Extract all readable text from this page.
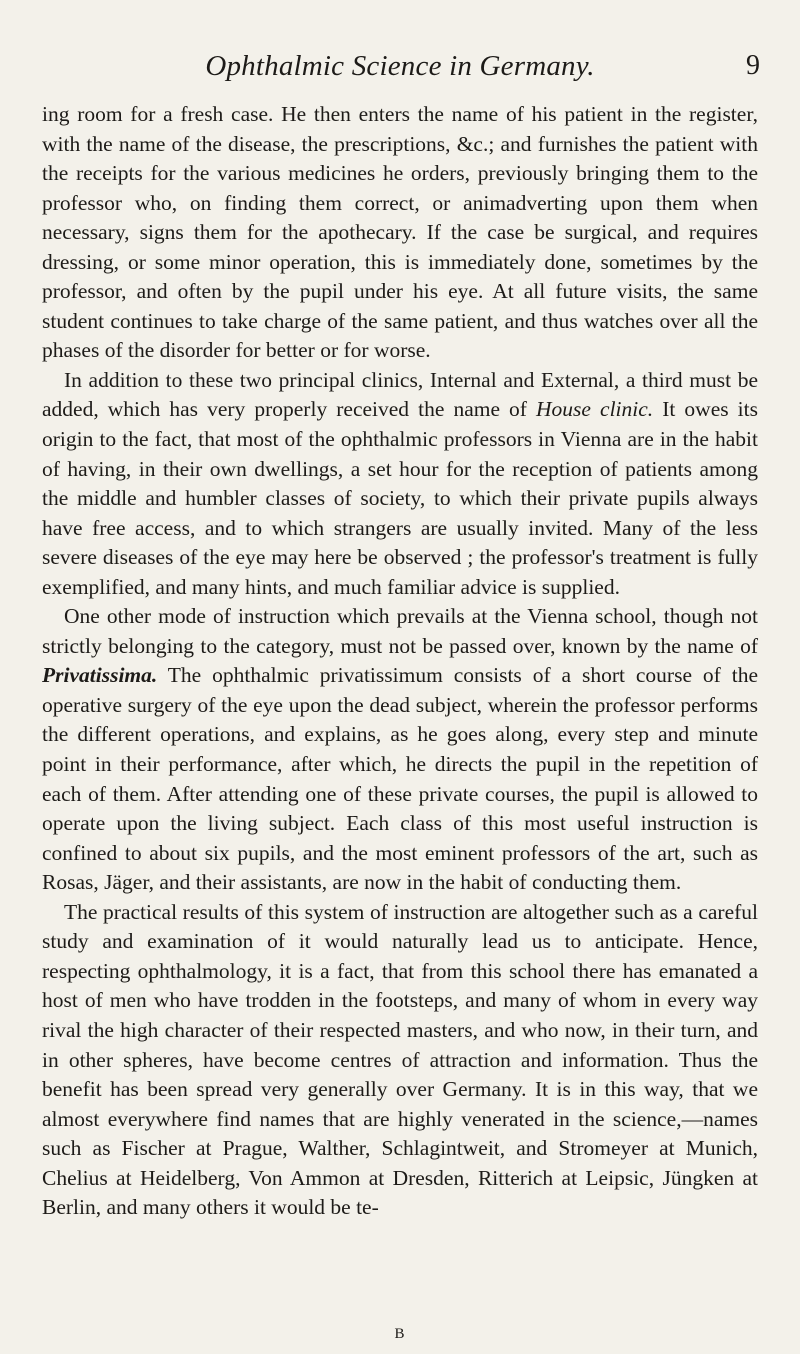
Ophthalmic Science in Germany.	9

ing room for a fresh case. He then enters the name of his patient in the register, with the name of the disease, the prescriptions, &c.; and furnishes the patient with the receipts for the various medicines he orders, previously bringing them to the professor who, on finding them correct, or animadverting upon them when necessary, signs them for the apothecary. If the case be surgical, and requires dressing, or some minor operation, this is immediately done, sometimes by the professor, and often by the pupil under his eye. At all future visits, the same student continues to take charge of the same patient, and thus watches over all the phases of the disorder for better or for worse.

In addition to these two principal clinics, Internal and External, a third must be added, which has very properly received the name of House clinic. It owes its origin to the fact, that most of the ophthalmic professors in Vienna are in the habit of having, in their own dwellings, a set hour for the reception of patients among the middle and humbler classes of society, to which their private pupils always have free access, and to which strangers are usually invited. Many of the less severe diseases of the eye may here be observed ; the professor's treatment is fully exemplified, and many hints, and much familiar advice is supplied.

One other mode of instruction which prevails at the Vienna school, though not strictly belonging to the category, must not be passed over, known by the name of Privatissima. The ophthalmic privatissimum consists of a short course of the operative surgery of the eye upon the dead subject, wherein the professor performs the different operations, and explains, as he goes along, every step and minute point in their performance, after which, he directs the pupil in the repetition of each of them. After attending one of these private courses, the pupil is allowed to operate upon the living subject. Each class of this most useful instruction is confined to about six pupils, and the most eminent professors of the art, such as Rosas, Jäger, and their assistants, are now in the habit of conducting them.

The practical results of this system of instruction are altogether such as a careful study and examination of it would naturally lead us to anticipate. Hence, respecting ophthalmology, it is a fact, that from this school there has emanated a host of men who have trodden in the footsteps, and many of whom in every way rival the high character of their respected masters, and who now, in their turn, and in other spheres, have become centres of attraction and information. Thus the benefit has been spread very generally over Germany. It is in this way, that we almost everywhere find names that are highly venerated in the science,—names such as Fischer at Prague, Walther, Schlagintweit, and Stromeyer at Munich, Chelius at Heidelberg, Von Ammon at Dresden, Ritterich at Leipsic, Jüngken at Berlin, and many others it would be te-

B
